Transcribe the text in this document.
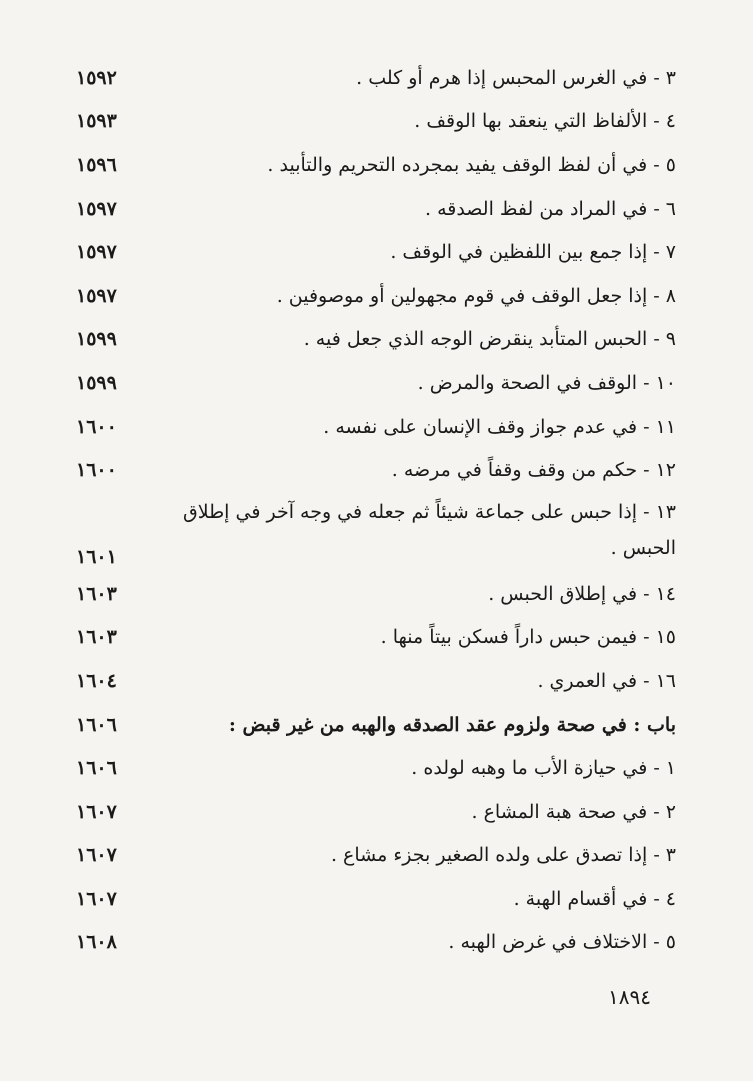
٣ - في الغرس المحبس إذا هرم أو كلب .
١٥٩٢
٤ - الألفاظ التي ينعقد بها الوقف .
١٥٩٣
٥ - في أن لفظ الوقف يفيد بمجرده التحريم والتأبيد .
١٥٩٦
٦ - في المراد من لفظ الصدقه .
١٥٩٧
٧ - إذا جمع بين اللفظين في الوقف .
١٥٩٧
٨ - إذا جعل الوقف في قوم مجهولين أو موصوفين .
١٥٩٧
٩ - الحبس المتأبد ينقرض الوجه الذي جعل فيه .
١٥٩٩
١٠ - الوقف في الصحة والمرض .
١٥٩٩
١١ - في عدم جواز وقف الإنسان على نفسه .
١٦٠٠
١٢ - حكم من وقف وقفاً في مرضه .
١٦٠٠
١٣ - إذا حبس على جماعة شيئاً ثم جعله في وجه آخر في إطلاق الحبس .
١٦٠١
١٤ - في إطلاق الحبس .
١٦٠٣
١٥ - فيمن حبس داراً فسكن بيتاً منها .
١٦٠٣
١٦ - في العمري .
١٦٠٤
باب : في صحة ولزوم عقد الصدقه والهبه من غير قبض :
١٦٠٦
١ - في حيازة الأب ما وهبه لولده .
١٦٠٦
٢ - في صحة هبة المشاع .
١٦٠٧
٣ - إذا تصدق على ولده الصغير بجزء مشاع .
١٦٠٧
٤ - في أقسام الهبة .
١٦٠٧
٥ - الاختلاف في غرض الهبه .
١٦٠٨
١٨٩٤
